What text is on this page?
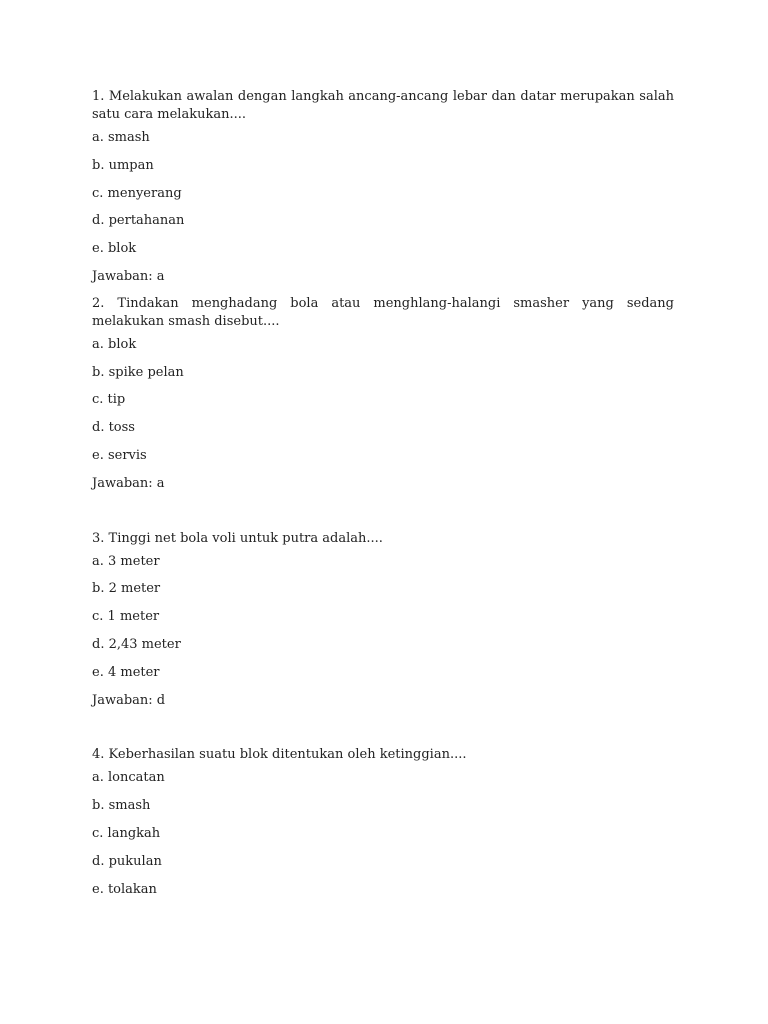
1. Melakukan awalan dengan langkah ancang-ancang lebar dan datar merupakan salah satu cara melakukan....
a. smash
b. umpan
c. menyerang
d. pertahanan
e. blok
Jawaban: a
2. Tindakan menghadang bola atau menghlang-halangi smasher yang sedang melakukan smash disebut....
a. blok
b. spike pelan
c. tip
d. toss
e. servis
Jawaban: a
3. Tinggi net bola voli untuk putra adalah....
a. 3 meter
b. 2 meter
c. 1 meter
d. 2,43 meter
e. 4 meter
Jawaban: d
4. Keberhasilan suatu blok ditentukan oleh ketinggian....
a. loncatan
b. smash
c. langkah
d. pukulan
e. tolakan
